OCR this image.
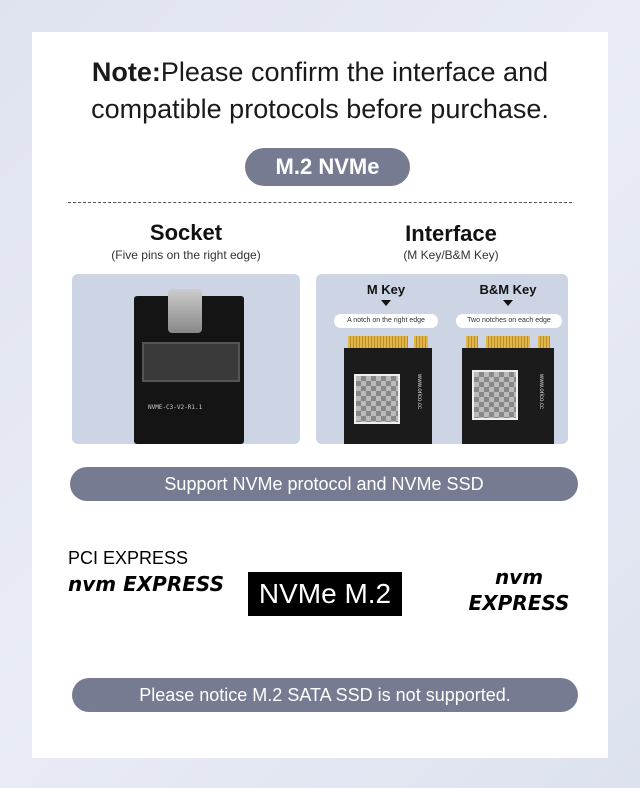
Note:Please confirm the interface and compatible protocols before purchase.
M.2 NVMe
Socket
(Five pins on the right edge)
Interface
(M Key/B&M Key)
NVME-C3-V2-R1.1
M Key
A notch on the right edge
B&M Key
Two notches on each edge
www.orico.cc	www.orico.cc
Support NVMe protocol and NVMe SSD
PCI EXPRESS
nvm EXPRESS	NVMe M.2
nvm EXPRESS
Please notice M.2 SATA SSD is not supported.
